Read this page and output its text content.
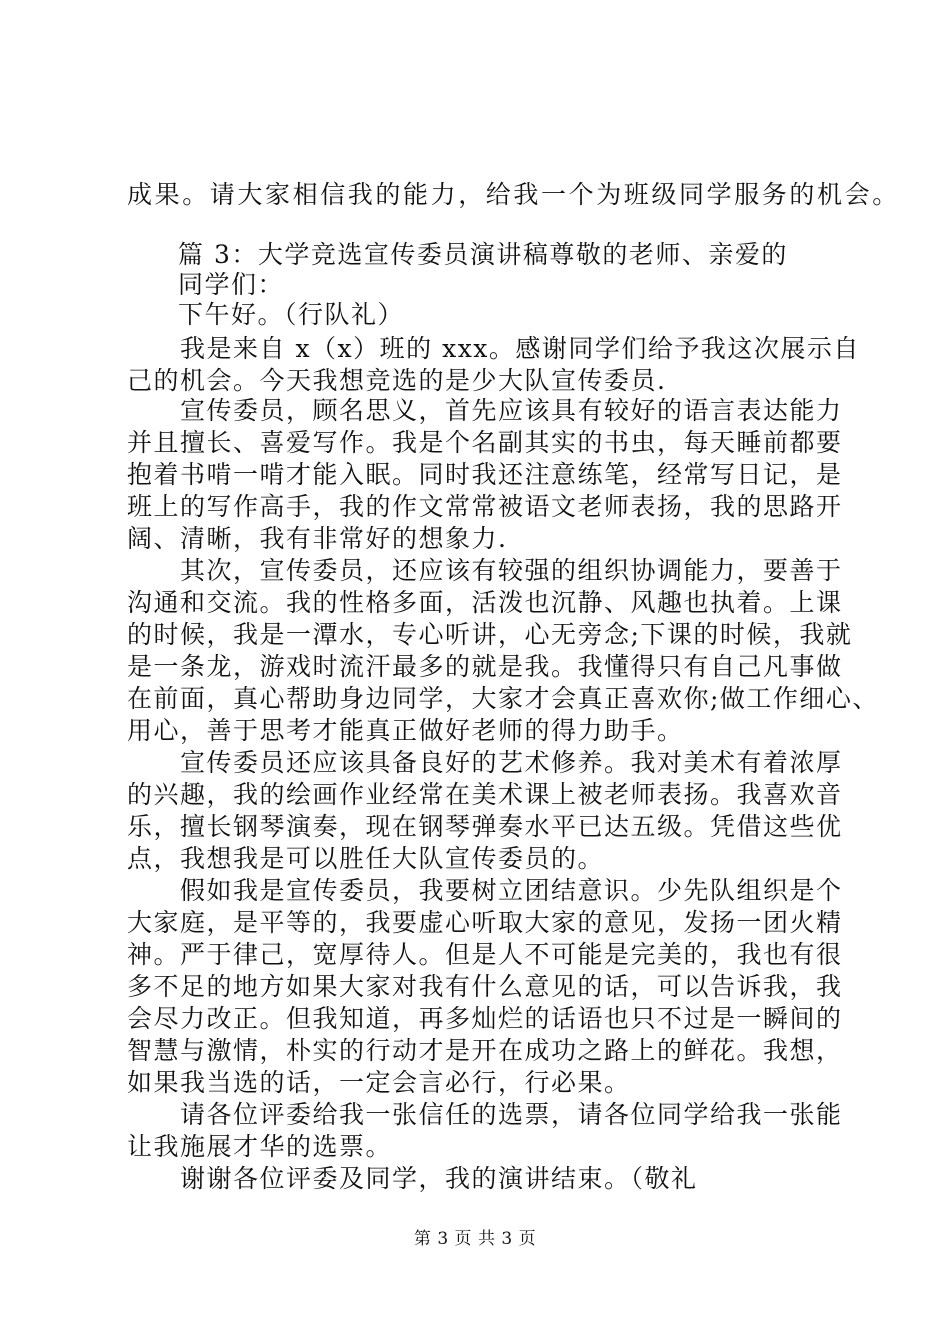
成果。请大家相信我的能力，给我一个为班级同学服务的机会。
篇 3：大学竞选宣传委员演讲稿尊敬的老师、亲爱的
同学们：
下午好。（行队礼）
我是来自 x（x）班的 xxx。感谢同学们给予我这次展示自
己的机会。今天我想竞选的是少大队宣传委员.
宣传委员，顾名思义，首先应该具有较好的语言表达能力
并且擅长、喜爱写作。我是个名副其实的书虫，每天睡前都要
抱着书啃一啃才能入眠。同时我还注意练笔，经常写日记，是
班上的写作高手，我的作文常常被语文老师表扬，我的思路开
阔、清晰，我有非常好的想象力.
其次，宣传委员，还应该有较强的组织协调能力，要善于
沟通和交流。我的性格多面，活泼也沉静、风趣也执着。上课
的时候，我是一潭水，专心听讲，心无旁念;下课的时候，我就
是一条龙，游戏时流汗最多的就是我。我懂得只有自己凡事做
在前面，真心帮助身边同学，大家才会真正喜欢你;做工作细心、
用心，善于思考才能真正做好老师的得力助手。
宣传委员还应该具备良好的艺术修养。我对美术有着浓厚
的兴趣，我的绘画作业经常在美术课上被老师表扬。我喜欢音
乐，擅长钢琴演奏，现在钢琴弹奏水平已达五级。凭借这些优
点，我想我是可以胜任大队宣传委员的。
假如我是宣传委员，我要树立团结意识。少先队组织是个
大家庭，是平等的，我要虚心听取大家的意见，发扬一团火精
神。严于律己，宽厚待人。但是人不可能是完美的，我也有很
多不足的地方如果大家对我有什么意见的话，可以告诉我，我
会尽力改正。但我知道，再多灿烂的话语也只不过是一瞬间的
智慧与激情，朴实的行动才是开在成功之路上的鲜花。我想，
如果我当选的话，一定会言必行，行必果。
请各位评委给我一张信任的选票，请各位同学给我一张能
让我施展才华的选票。
谢谢各位评委及同学，我的演讲结束。（敬礼
第 3 页 共 3 页
